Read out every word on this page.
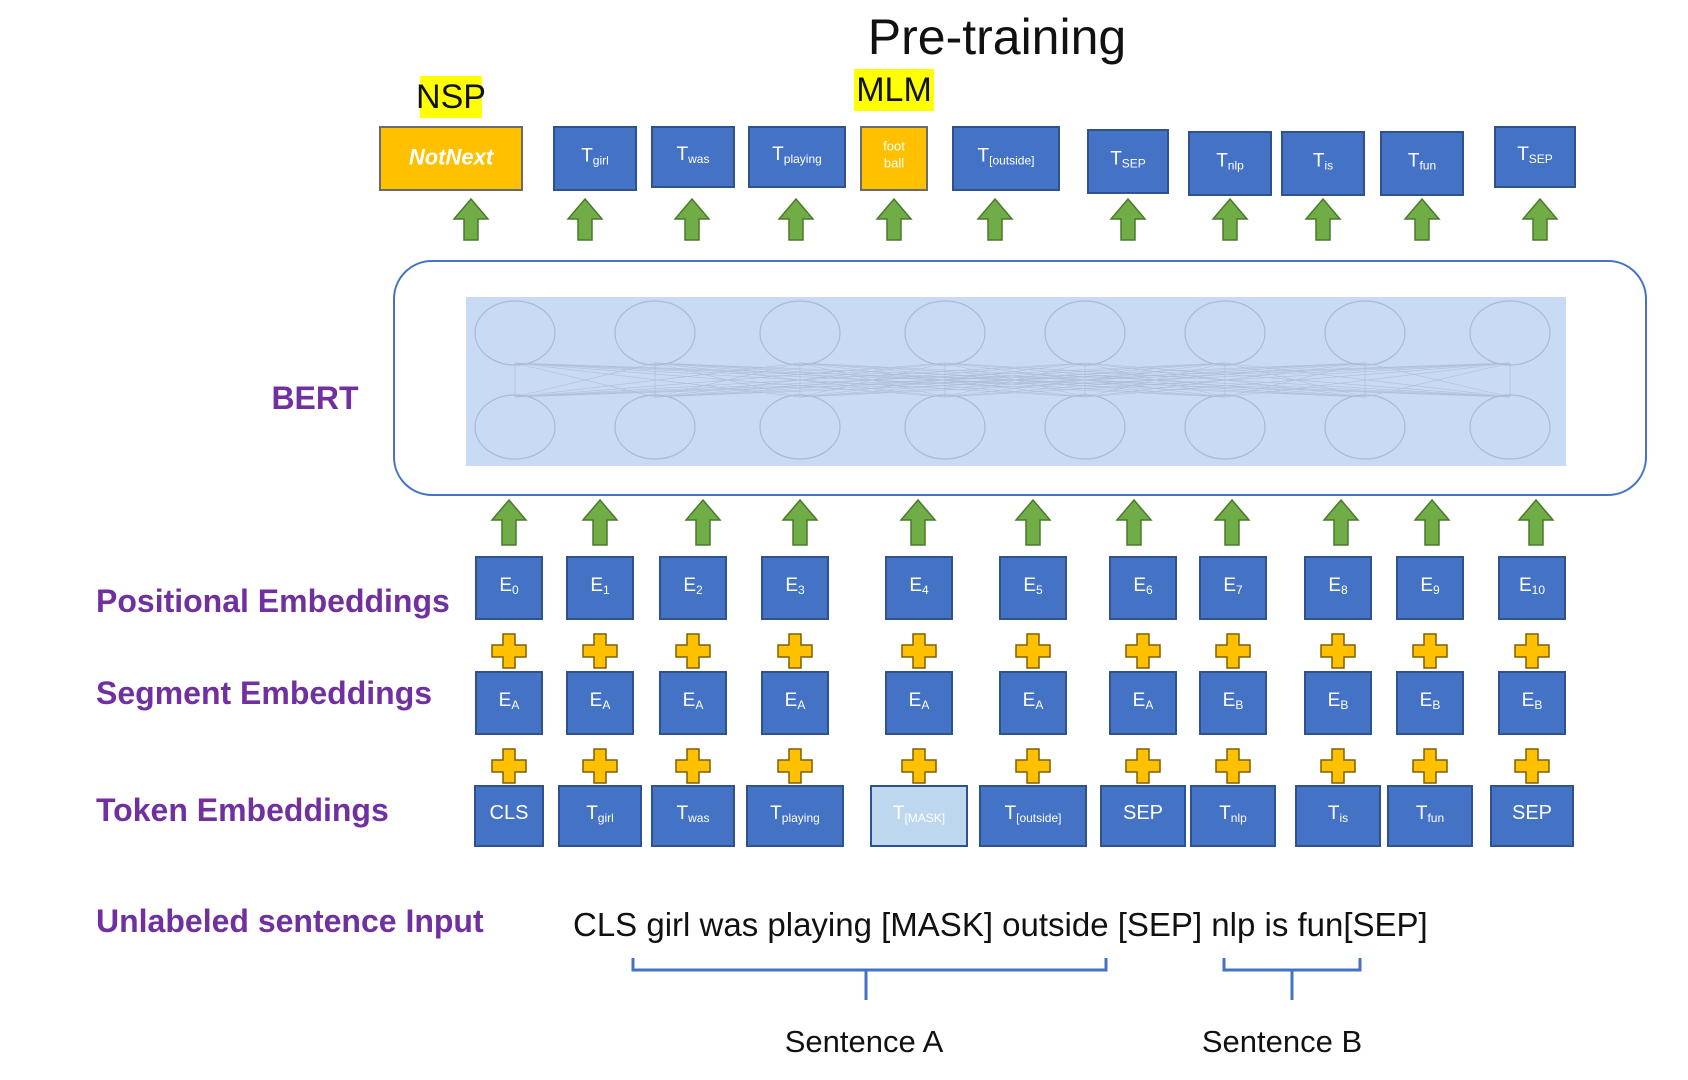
Pre-training
NSP	MLM
NotNext	$T_{girl}$	$T_{was}$	$T_{playing}$
foot ball	$T_{[outside]}$	$T_{SEP}$	$T_{nlp}$	$T_{is}$	$T_{fun}$
$T_{SEP}$
BERT
Positional Embeddings
Segment Embeddings
Token Embeddings
Unlabeled sentence Input
$E_0$	$E_1$	$E_2$	$E_3$	$E_4$	$E_5$	$E_6$	$E_7$	$E_8$	$E_9$	$E_{10}$
$E_A$	$E_A$	$E_A$	$E_A$	$E_A$	$E_A$	$E_A$	$E_B$	$E_B$	$E_B$	$E_B$
CLS	$T_{girl}$	$T_{was}$	$T_{playing}$	$T_{[MASK]}$	$T_{[outside]}$	SEP	$T_{nlp}$	$T_{is}$	$T_{fun}$	SEP
CLS girl was playing [MASK] outside [SEP] nlp is fun[SEP]
Sentence A	Sentence B
